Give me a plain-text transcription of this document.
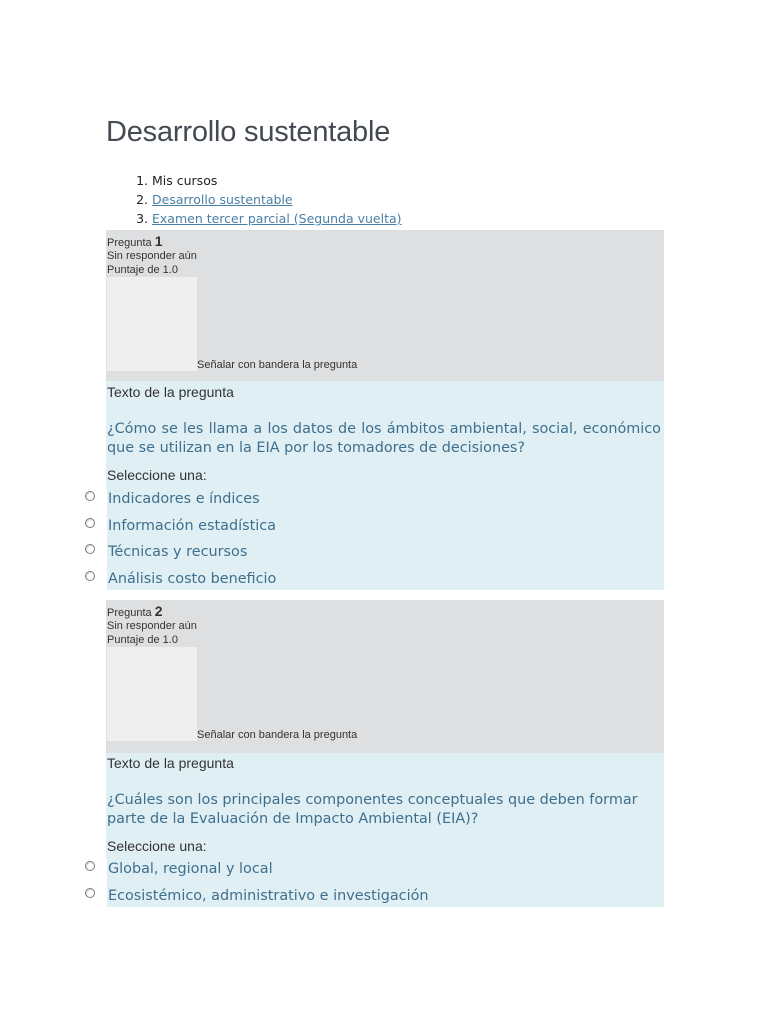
Desarrollo sustentable
1. Mis cursos
2. Desarrollo sustentable
3. Examen tercer parcial (Segunda vuelta)
Pregunta 1
Sin responder aún
Puntaje de 1.0
Señalar con bandera la pregunta
Texto de la pregunta
¿Cómo se les llama a los datos de los ámbitos ambiental, social, económico que se utilizan en la EIA por los tomadores de decisiones?
Seleccione una:
Indicadores e índices
Información estadística
Técnicas y recursos
Análisis costo beneficio
Pregunta 2
Sin responder aún
Puntaje de 1.0
Señalar con bandera la pregunta
Texto de la pregunta
¿Cuáles son los principales componentes conceptuales que deben formar parte de la Evaluación de Impacto Ambiental (EIA)?
Seleccione una:
Global, regional y local
Ecosistémico, administrativo e investigación
